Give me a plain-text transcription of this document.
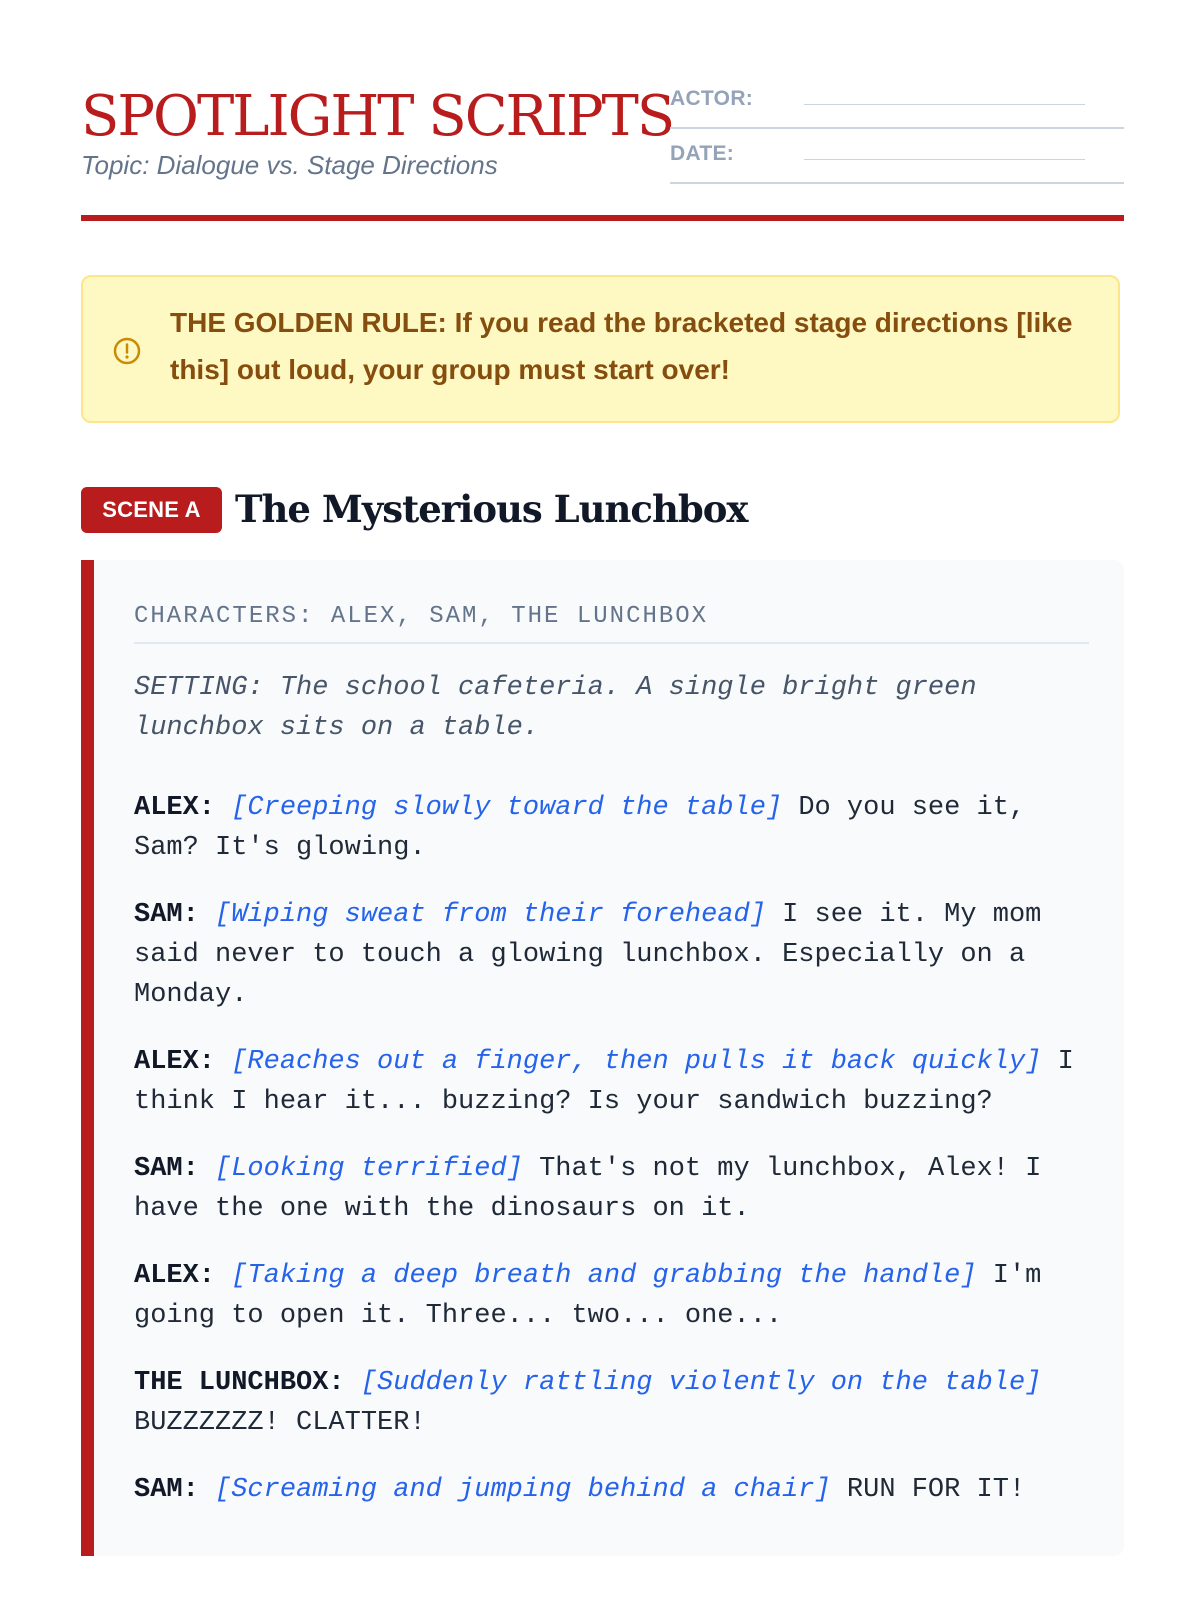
SPOTLIGHT SCRIPTS
Topic: Dialogue vs. Stage Directions
ACTOR:
DATE:
THE GOLDEN RULE: If you read the bracketed stage directions [like this] out loud, your group must start over!
SCENE A The Mysterious Lunchbox
CHARACTERS: ALEX, SAM, THE LUNCHBOX
SETTING: The school cafeteria. A single bright green lunchbox sits on a table.

ALEX: [Creeping slowly toward the table] Do you see it, Sam? It's glowing.

SAM: [Wiping sweat from their forehead] I see it. My mom said never to touch a glowing lunchbox. Especially on a Monday.

ALEX: [Reaches out a finger, then pulls it back quickly] I think I hear it... buzzing? Is your sandwich buzzing?

SAM: [Looking terrified] That's not my lunchbox, Alex! I have the one with the dinosaurs on it.

ALEX: [Taking a deep breath and grabbing the handle] I'm going to open it. Three... two... one...

THE LUNCHBOX: [Suddenly rattling violently on the table] BUZZZZZZ! CLATTER!

SAM: [Screaming and jumping behind a chair] RUN FOR IT!
